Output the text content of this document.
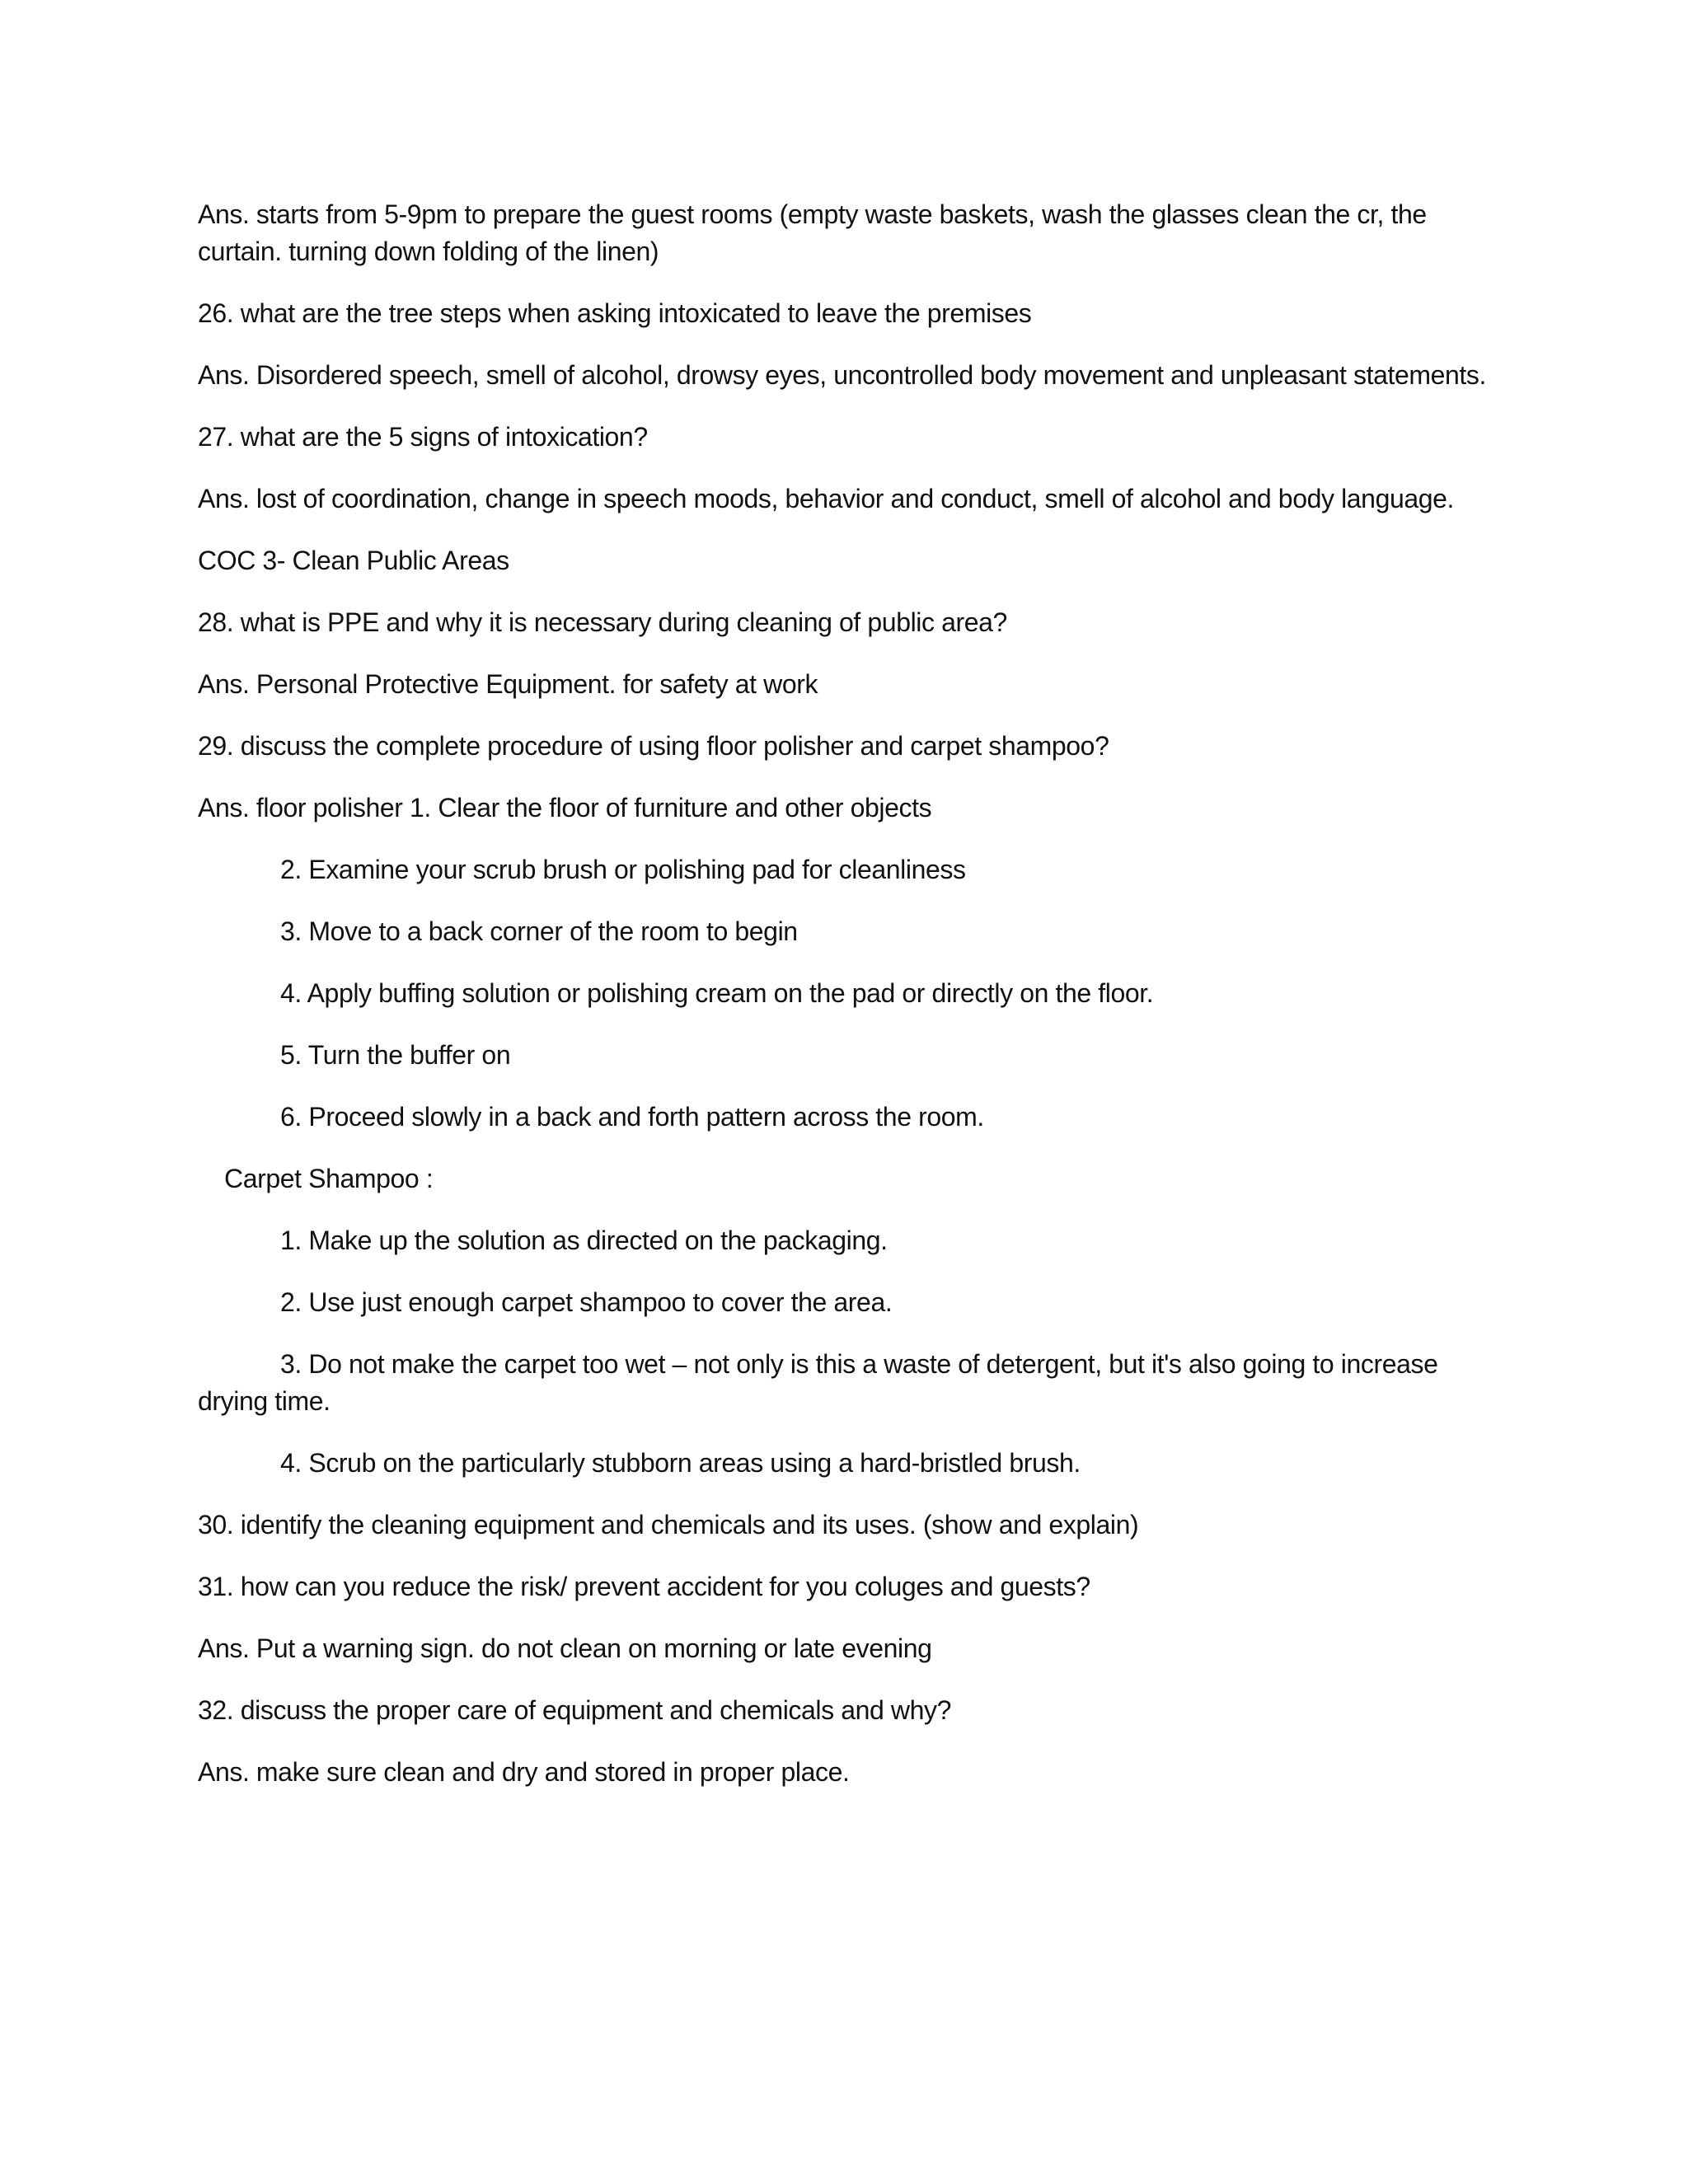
Ans. starts from 5-9pm to prepare the guest rooms (empty waste baskets, wash the glasses clean the cr, the curtain. turning down folding of the linen)

26. what are the tree steps when asking intoxicated to leave the premises

Ans. Disordered speech, smell of alcohol, drowsy eyes, uncontrolled body movement and unpleasant statements.

27. what are the 5 signs of intoxication?

Ans. lost of coordination, change in speech moods, behavior and conduct, smell of alcohol and body language.

COC 3- Clean Public Areas

28. what is PPE and why it is necessary during cleaning of public area?

Ans. Personal Protective Equipment. for safety at work

29. discuss the complete procedure of using floor polisher and carpet shampoo?

Ans. floor polisher 1. Clear the floor of furniture and other objects

2. Examine your scrub brush or polishing pad for cleanliness

3. Move to a back corner of the room to begin

4. Apply buffing solution or polishing cream on the pad or directly on the floor.

5. Turn the buffer on

6. Proceed slowly in a back and forth pattern across the room.

Carpet Shampoo :

1. Make up the solution as directed on the packaging.

2. Use just enough carpet shampoo to cover the area.

3. Do not make the carpet too wet – not only is this a waste of detergent, but it's also going to increase drying time.

4. Scrub on the particularly stubborn areas using a hard-bristled brush.

30. identify the cleaning equipment and chemicals and its uses. (show and explain)

31. how can you reduce the risk/ prevent accident for you coluges and guests?

Ans. Put a warning sign. do not clean on morning or late evening

32. discuss the proper care of equipment and chemicals and why?

Ans. make sure clean and dry and stored in proper place.
